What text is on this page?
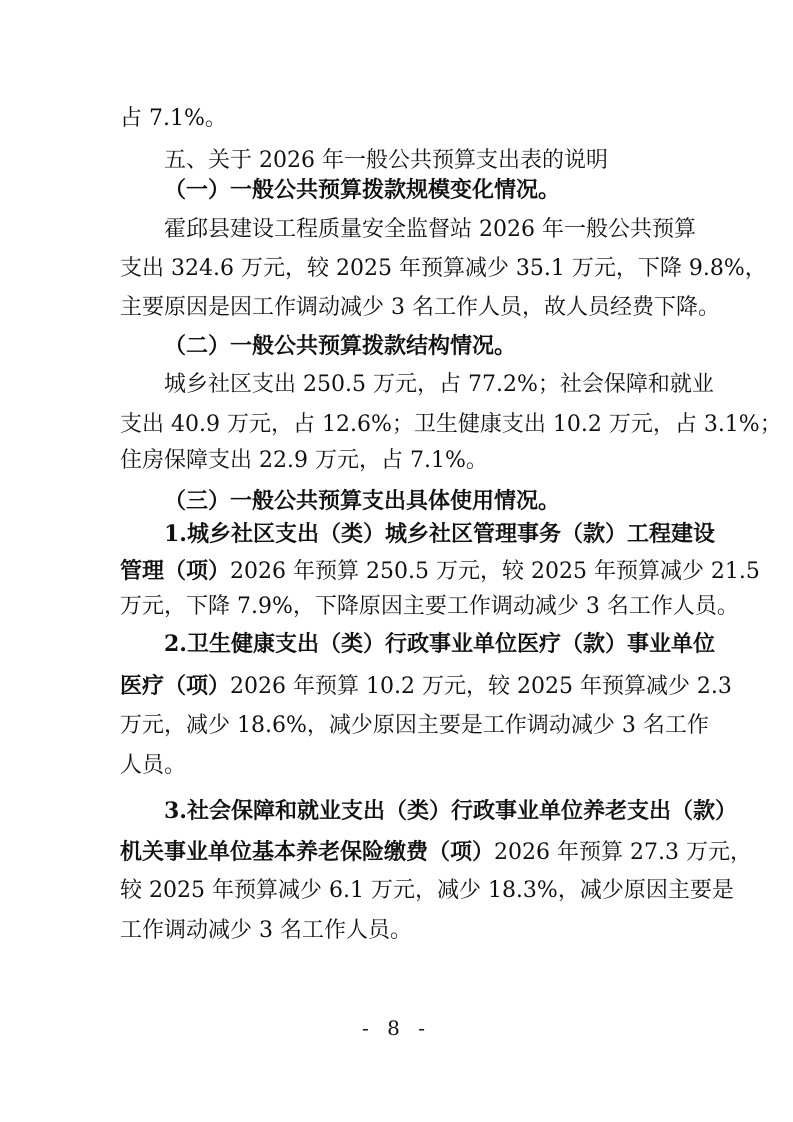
占 7.1%。
五、关于 2026 年一般公共预算支出表的说明
（一）一般公共预算拨款规模变化情况。
霍邱县建设工程质量安全监督站 2026 年一般公共预算
支出 324.6 万元，较 2025 年预算减少 35.1 万元，下降 9.8%，
主要原因是因工作调动减少 3 名工作人员，故人员经费下降。
（二）一般公共预算拨款结构情况。
城乡社区支出 250.5 万元，占 77.2%；社会保障和就业
支出 40.9 万元，占 12.6%；卫生健康支出 10.2 万元，占 3.1%；
住房保障支出 22.9 万元，占 7.1%。
（三）一般公共预算支出具体使用情况。
1.城乡社区支出（类）城乡社区管理事务（款）工程建设
管理（项）2026 年预算 250.5 万元，较 2025 年预算减少 21.5
万元，下降 7.9%，下降原因主要工作调动减少 3 名工作人员。
2.卫生健康支出（类）行政事业单位医疗（款）事业单位
医疗（项）2026 年预算 10.2 万元，较 2025 年预算减少 2.3
万元，减少 18.6%，减少原因主要是工作调动减少 3 名工作
人员。
3.社会保障和就业支出（类）行政事业单位养老支出（款）
机关事业单位基本养老保险缴费（项）2026 年预算 27.3 万元，
较 2025 年预算减少 6.1 万元，减少 18.3%，减少原因主要是
工作调动减少 3 名工作人员。
- 8 -
